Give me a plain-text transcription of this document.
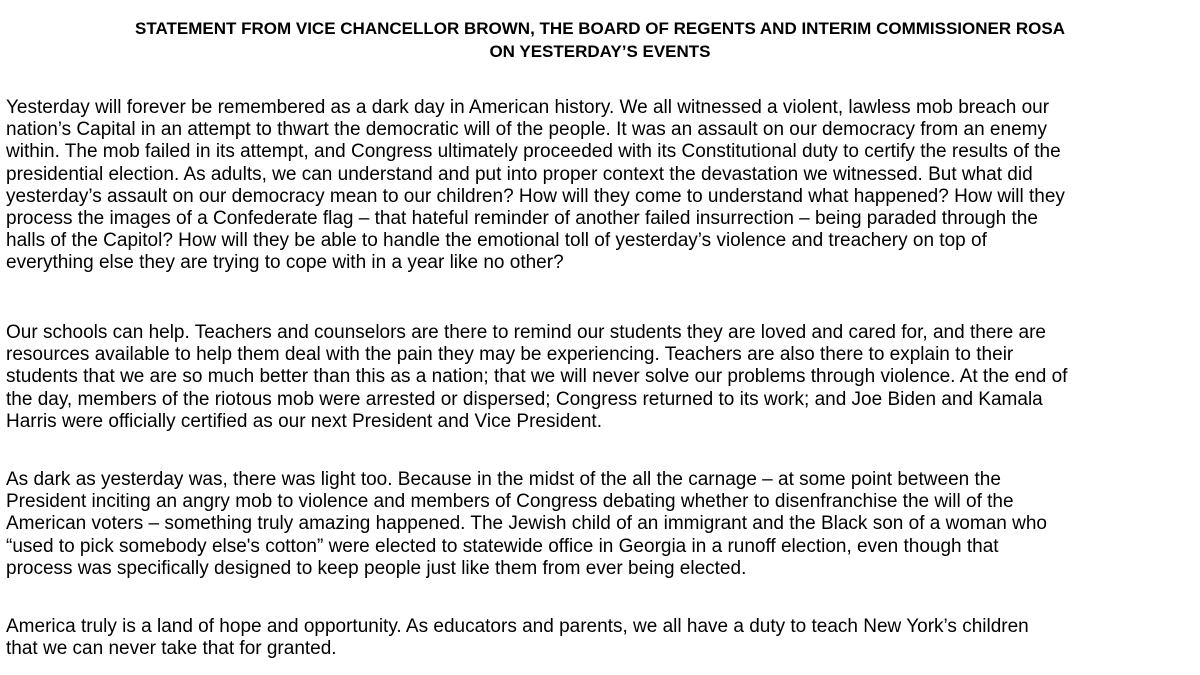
STATEMENT FROM VICE CHANCELLOR BROWN, THE BOARD OF REGENTS AND INTERIM COMMISSIONER ROSA
ON YESTERDAY’S EVENTS
Yesterday will forever be remembered as a dark day in American history. We all witnessed a violent, lawless mob breach our
nation’s Capital in an attempt to thwart the democratic will of the people. It was an assault on our democracy from an enemy
within. The mob failed in its attempt, and Congress ultimately proceeded with its Constitutional duty to certify the results of the
presidential election. As adults, we can understand and put into proper context the devastation we witnessed. But what did
yesterday’s assault on our democracy mean to our children? How will they come to understand what happened? How will they
process the images of a Confederate flag – that hateful reminder of another failed insurrection – being paraded through the
halls of the Capitol? How will they be able to handle the emotional toll of yesterday’s violence and treachery on top of
everything else they are trying to cope with in a year like no other?
Our schools can help. Teachers and counselors are there to remind our students they are loved and cared for, and there are
resources available to help them deal with the pain they may be experiencing. Teachers are also there to explain to their
students that we are so much better than this as a nation; that we will never solve our problems through violence. At the end of
the day, members of the riotous mob were arrested or dispersed; Congress returned to its work; and Joe Biden and Kamala
Harris were officially certified as our next President and Vice President.
As dark as yesterday was, there was light too. Because in the midst of the all the carnage – at some point between the
President inciting an angry mob to violence and members of Congress debating whether to disenfranchise the will of the
American voters – something truly amazing happened. The Jewish child of an immigrant and the Black son of a woman who
“used to pick somebody else's cotton” were elected to statewide office in Georgia in a runoff election, even though that
process was specifically designed to keep people just like them from ever being elected.
America truly is a land of hope and opportunity. As educators and parents, we all have a duty to teach New York’s children
that we can never take that for granted.
